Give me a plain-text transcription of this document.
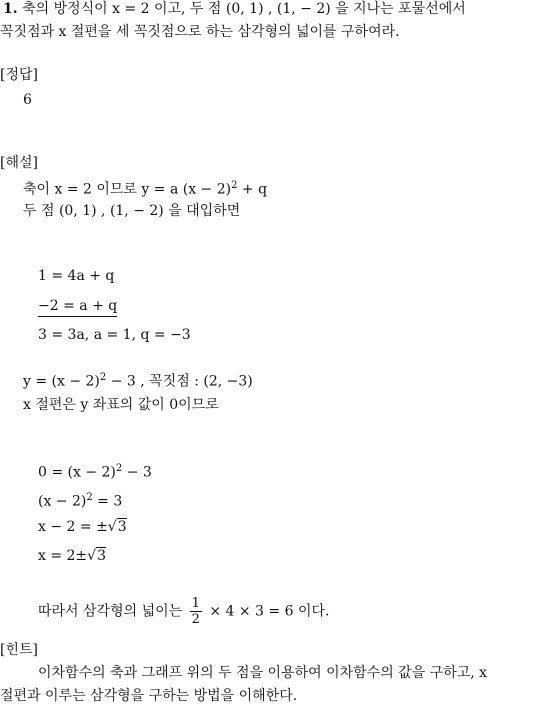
1. 축의 방정식이 x = 2 이고, 두 점 (0, 1) , (1, − 2) 을 지나는 포물선에서
꼭짓점과 x 절편을 세 꼭짓점으로 하는 삼각형의 넓이를 구하여라.
[정답]
6
[해설]
축이 x = 2 이므로 y = a $(x - 2)^2 + q$
두 점 (0, 1) , (1, − 2) 을 대입하면
1 = 4a + q
−2 = a + q
3 = 3a, a = 1, q = −3
$y = (x - 2)^2 - 3$ , 꼭짓점 : (2, −3)
x 절편은 y 좌표의 값이 0이므로
$0 = (x - 2)^2 - 3$
$(x - 2)^2 = 3$
x − 2 = ±√3
x = 2±√3
따라서 삼각형의 넓이는 $\frac{1}{2} \times 4 \times 3 = 6$ 이다.
[힌트]
이차함수의 축과 그래프 위의 두 점을 이용하여 이차함수의 값을 구하고, x
절편과 이루는 삼각형을 구하는 방법을 이해한다.
